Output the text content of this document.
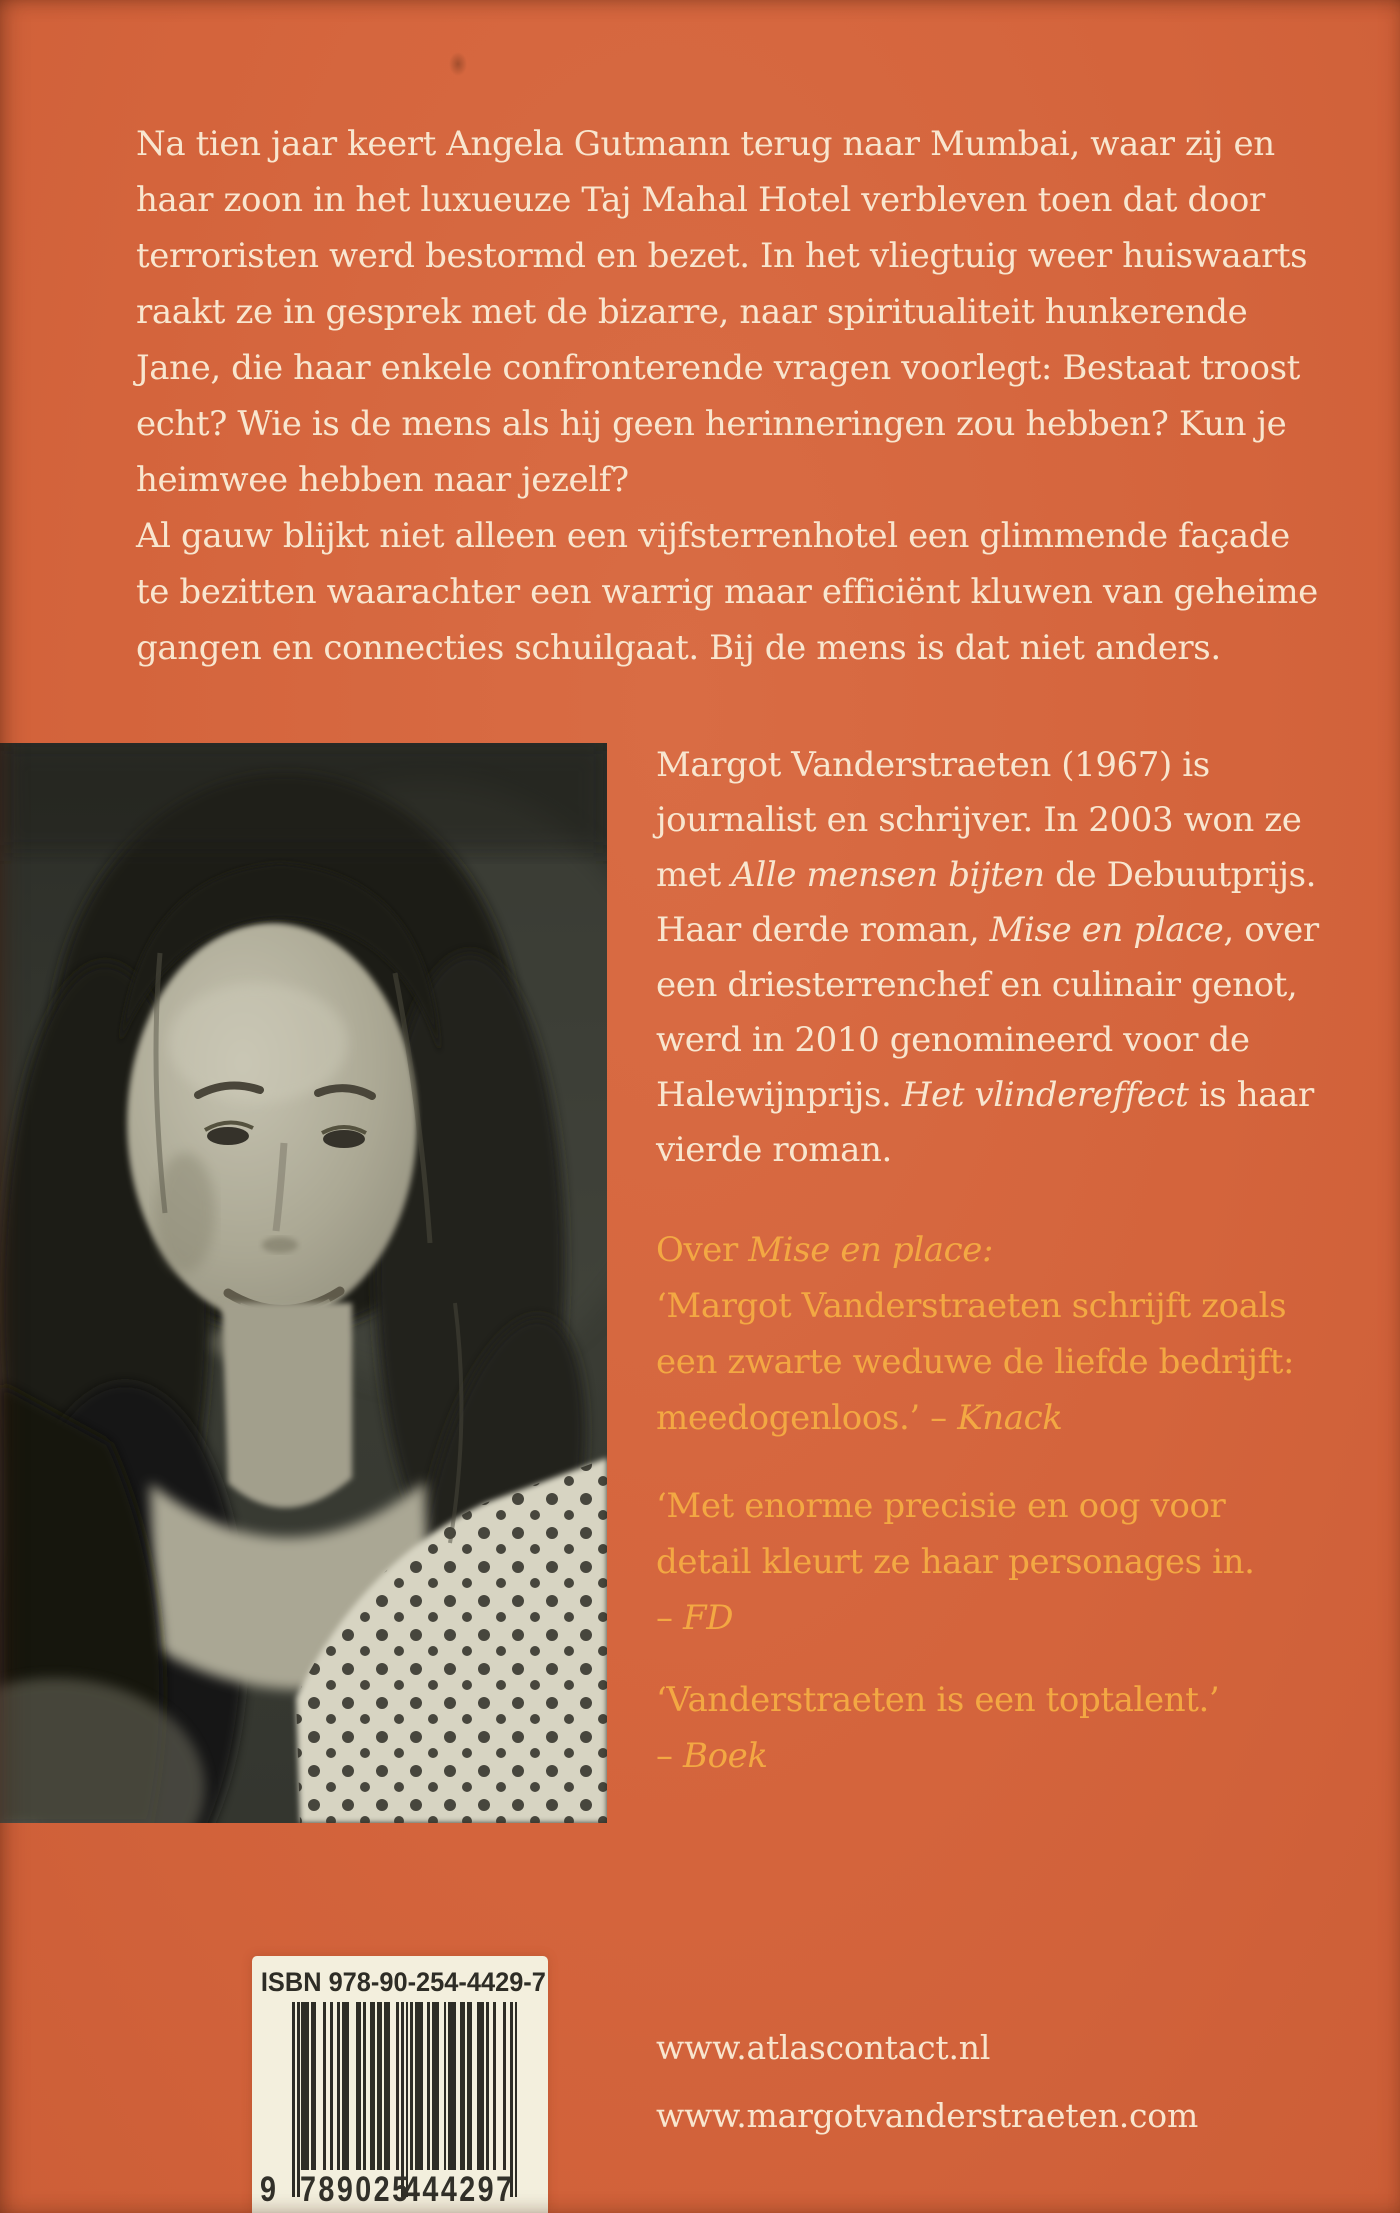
Na tien jaar keert Angela Gutmann terug naar Mumbai, waar zij en
haar zoon in het luxueuze Taj Mahal Hotel verbleven toen dat door
terroristen werd bestormd en bezet. In het vliegtuig weer huiswaarts
raakt ze in gesprek met de bizarre, naar spiritualiteit hunkerende
Jane, die haar enkele confronterende vragen voorlegt: Bestaat troost
echt? Wie is de mens als hij geen herinneringen zou hebben? Kun je
heimwee hebben naar jezelf?
Al gauw blijkt niet alleen een vijfsterrenhotel een glimmende façade
te bezitten waarachter een warrig maar efficiënt kluwen van geheime
gangen en connecties schuilgaat. Bij de mens is dat niet anders.
Margot Vanderstraeten (1967) is
journalist en schrijver. In 2003 won ze
met Alle mensen bijten de Debuutprijs.
Haar derde roman, Mise en place, over
een driesterrenchef en culinair genot,
werd in 2010 genomineerd voor de
Halewijnprijs. Het vlindereffect is haar
vierde roman.
Over Mise en place:
‘Margot Vanderstraeten schrijft zoals
een zwarte weduwe de liefde bedrijft:
meedogenloos.’ – Knack
‘Met enorme precisie en oog voor
detail kleurt ze haar personages in.
– FD
‘Vanderstraeten is een toptalent.’
– Boek
ISBN 978-90-254-4429-7
9 789025
444297
www.atlascontact.nl
www.margotvanderstraeten.com
